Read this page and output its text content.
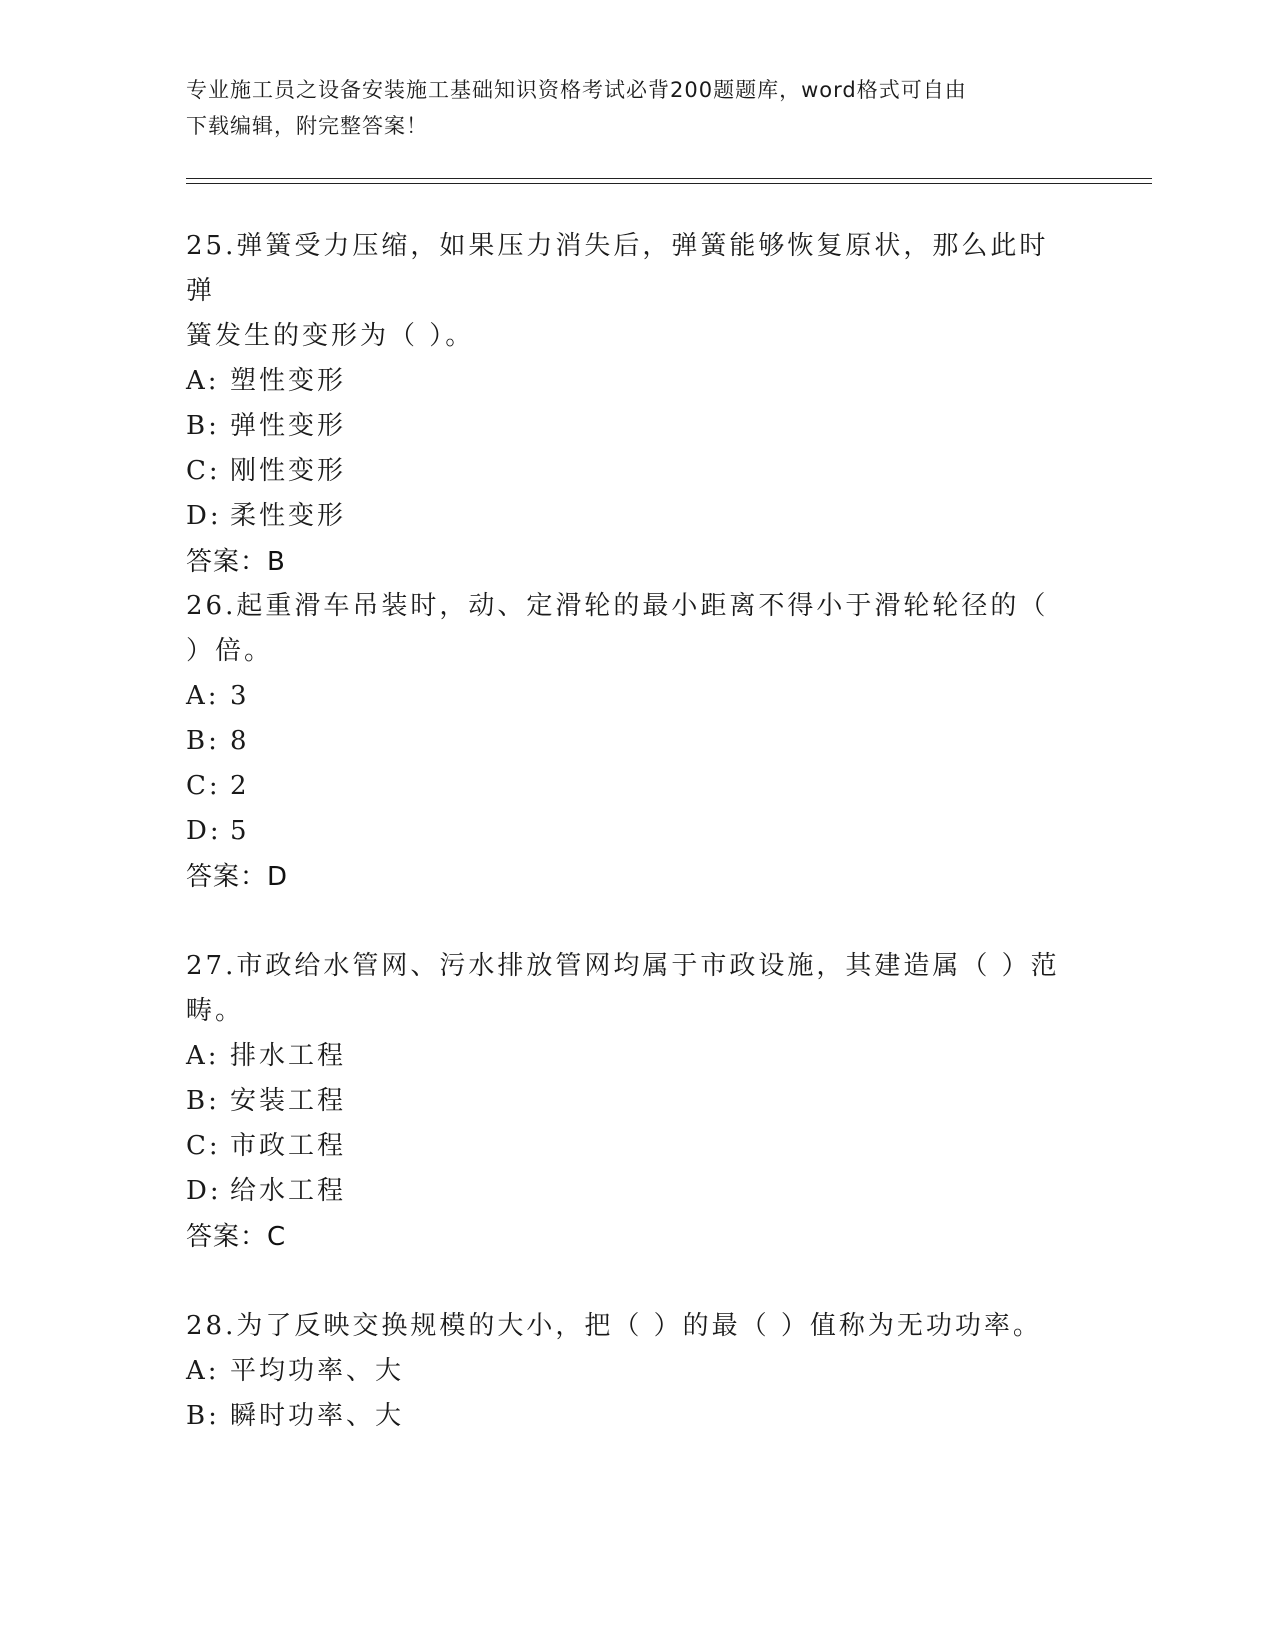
专业施工员之设备安装施工基础知识资格考试必背200题题库，word格式可自由
下载编辑，附完整答案！

25.弹簧受力压缩，如果压力消失后，弹簧能够恢复原状，那么此时弹

簧发生的变形为（ ）。

A: 塑性变形

B: 弹性变形

C: 刚性变形

D: 柔性变形

答案：B

26.起重滑车吊装时，动、定滑轮的最小距离不得小于滑轮轮径的（

）倍。

A: 3

B: 8

C: 2

D: 5

答案：D

27.市政给水管网、污水排放管网均属于市政设施，其建造属（ ）范

畴。

A: 排水工程

B: 安装工程

C: 市政工程

D: 给水工程

答案：C

28.为了反映交换规模的大小，把（ ）的最（ ）值称为无功功率。

A: 平均功率、大

B: 瞬时功率、大
